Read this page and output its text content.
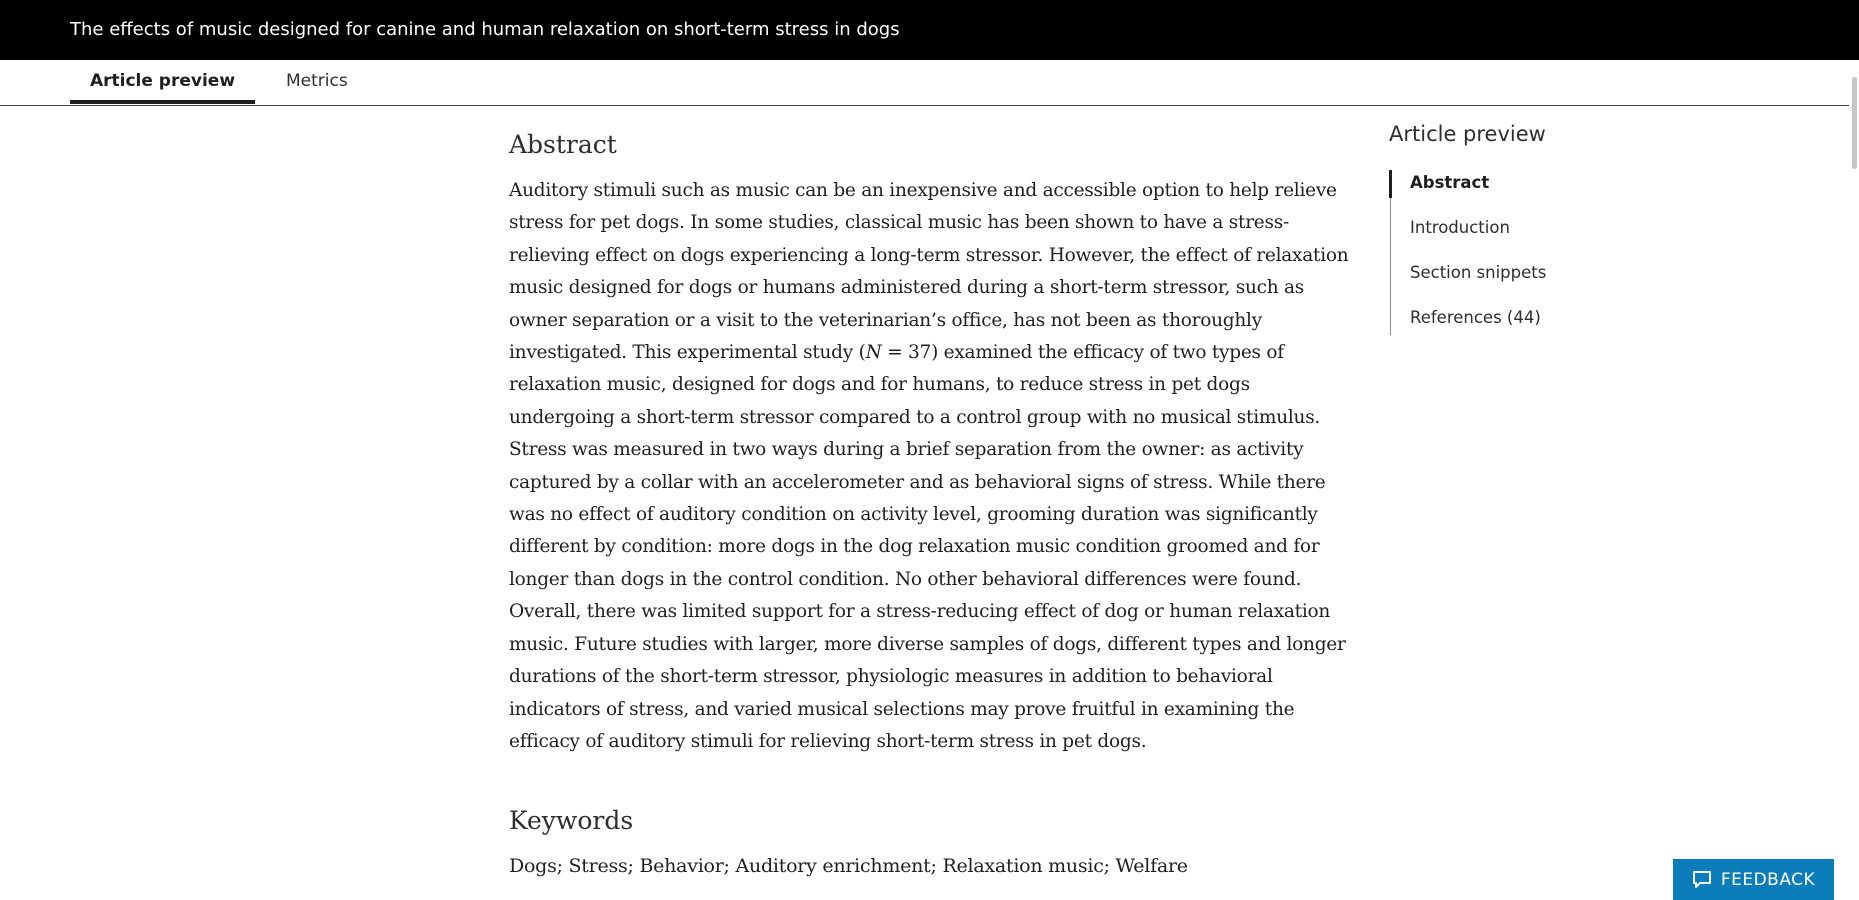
The effects of music designed for canine and human relaxation on short-term stress in dogs
Article preview	Metrics
Abstract

Auditory stimuli such as music can be an inexpensive and accessible option to help relieve stress for pet dogs. In some studies, classical music has been shown to have a stress-relieving effect on dogs experiencing a long-term stressor. However, the effect of relaxation music designed for dogs or humans administered during a short-term stressor, such as owner separation or a visit to the veterinarian’s office, has not been as thoroughly investigated. This experimental study (N = 37) examined the efficacy of two types of relaxation music, designed for dogs and for humans, to reduce stress in pet dogs undergoing a short-term stressor compared to a control group with no musical stimulus. Stress was measured in two ways during a brief separation from the owner: as activity captured by a collar with an accelerometer and as behavioral signs of stress. While there was no effect of auditory condition on activity level, grooming duration was significantly different by condition: more dogs in the dog relaxation music condition groomed and for longer than dogs in the control condition. No other behavioral differences were found. Overall, there was limited support for a stress-reducing effect of dog or human relaxation music. Future studies with larger, more diverse samples of dogs, different types and longer durations of the short-term stressor, physiologic measures in addition to behavioral indicators of stress, and varied musical selections may prove fruitful in examining the efficacy of auditory stimuli for relieving short-term stress in pet dogs.

Keywords
Dogs; Stress; Behavior; Auditory enrichment; Relaxation music; Welfare
Article preview
Abstract
Introduction
Section snippets
References (44)
FEEDBACK
